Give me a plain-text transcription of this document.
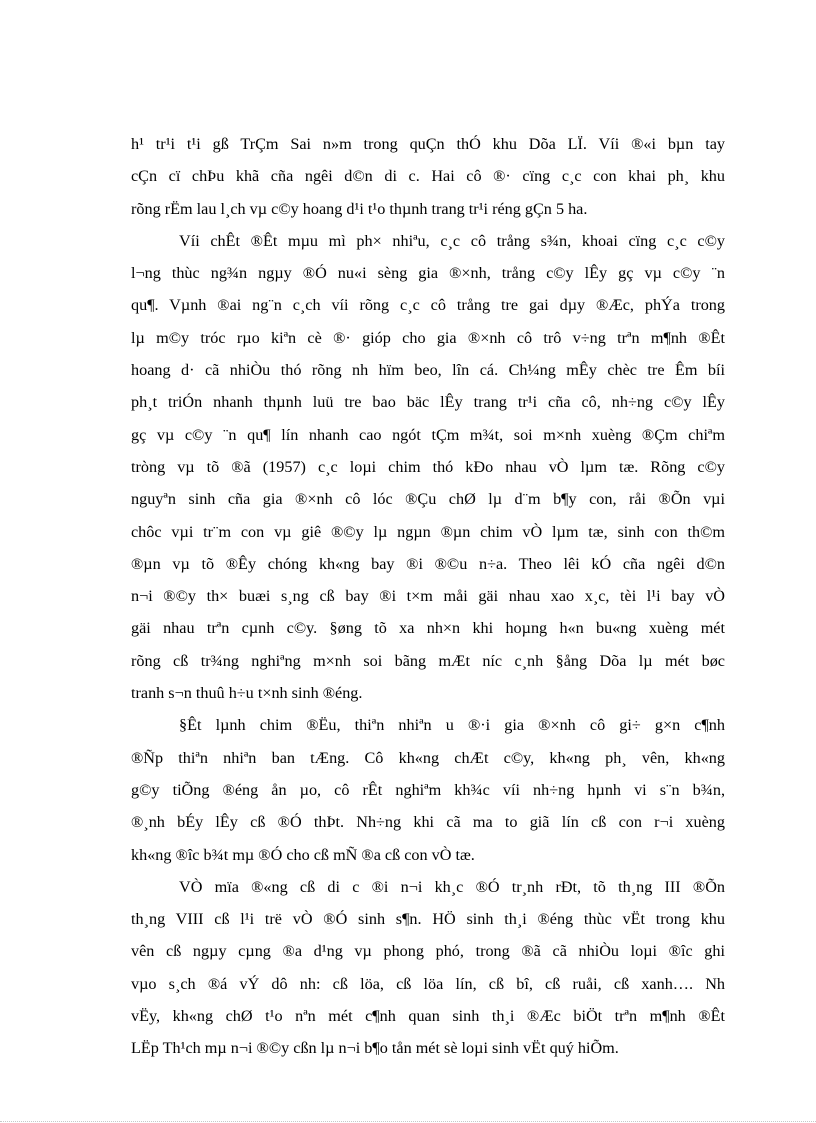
h¹ tr¹i t¹i gß TrÇm Sai n»m trong quÇn thÓ khu Dõa LÏ. Víi ®«i bµn tay
cÇn cï chÞu khã cña ngêi d©n di c. Hai cô ®· cïng c¸c con khai ph¸ khu
rõng rËm lau l¸ch vµ c©y hoang d¹i t¹o thµnh trang tr¹i réng gÇn 5 ha.
Víi chÊt ®Êt mµu mì ph× nhiªu, c¸c cô trång s¾n, khoai cïng c¸c c©y
l¬ng thùc ng¾n ngµy ®Ó nu«i sèng gia ®×nh, trång c©y lÊy gç vµ c©y ¨n
qu¶. Vµnh ®ai ng¨n c¸ch víi rõng c¸c cô trång tre gai dµy ®Æc, phÝa trong
lµ m©y tróc rµo kiªn cè ®· gióp cho gia ®×nh cô trô v÷ng trªn m¶nh ®Êt
hoang d· cã nhiÒu thó rõng nh hïm beo, lîn cá. Ch¼ng mÊy chèc tre Êm bíi
ph¸t triÓn nhanh thµnh luü tre bao bäc lÊy trang tr¹i cña cô, nh÷ng c©y lÊy
gç vµ c©y ¨n qu¶ lín nhanh cao ngót tÇm m¾t, soi m×nh xuèng ®Çm chiªm
tròng vµ tõ ®ã (1957) c¸c loµi chim thó kÐo nhau vÒ lµm tæ. Rõng c©y
nguyªn sinh cña gia ®×nh cô lóc ®Çu chØ lµ d¨m b¶y con, råi ®Õn vµi
chôc vµi tr¨m con vµ giê ®©y lµ ngµn ®µn chim vÒ lµm tæ, sinh con th©m
®µn vµ tõ ®Êy chóng kh«ng bay ®i ®©u n÷a. Theo lêi kÓ cña ngêi d©n
n¬i ®©y th× buæi s¸ng cß bay ®i t×m måi gäi nhau xao x¸c, tèi l¹i bay vÒ
gäi nhau trªn cµnh c©y. §øng tõ xa nh×n khi hoµng h«n bu«ng xuèng mét
rõng cß tr¾ng nghiªng m×nh soi bãng mÆt níc c¸nh §ång Dõa lµ mét bøc
tranh s¬n thuû h÷u t×nh sinh ®éng.
§Êt lµnh chim ®Ëu, thiªn nhiªn u ®·i gia ®×nh cô gi÷ g×n c¶nh
®Ñp thiªn nhiªn ban tÆng. Cô kh«ng chÆt c©y, kh«ng ph¸ vên, kh«ng
g©y tiÕng ®éng ån µo, cô rÊt nghiªm kh¾c víi nh÷ng hµnh vi s¨n b¾n,
®¸nh bÉy lÊy cß ®Ó thÞt. Nh÷ng khi cã ma to giã lín cß con r¬i xuèng
kh«ng ®îc b¾t mµ ®Ó cho cß mÑ ®a cß con vÒ tæ.
VÒ mïa ®«ng cß di c ®i n¬i kh¸c ®Ó tr¸nh rÐt, tõ th¸ng III ®Õn
th¸ng VIII cß l¹i trë vÒ ®Ó sinh s¶n. HÖ sinh th¸i ®éng thùc vËt trong khu
vên cß ngµy cµng ®a d¹ng vµ phong phó, trong ®ã cã nhiÒu loµi ®îc ghi
vµo s¸ch ®á vÝ dô nh: cß löa, cß löa lín, cß bî, cß ruåi, cß xanh…. Nh
vËy, kh«ng chØ t¹o nªn mét c¶nh quan sinh th¸i ®Æc biÖt trªn m¶nh ®Êt
LËp Th¹ch mµ n¬i ®©y cßn lµ n¬i b¶o tån mét sè loµi sinh vËt quý hiÕm.
